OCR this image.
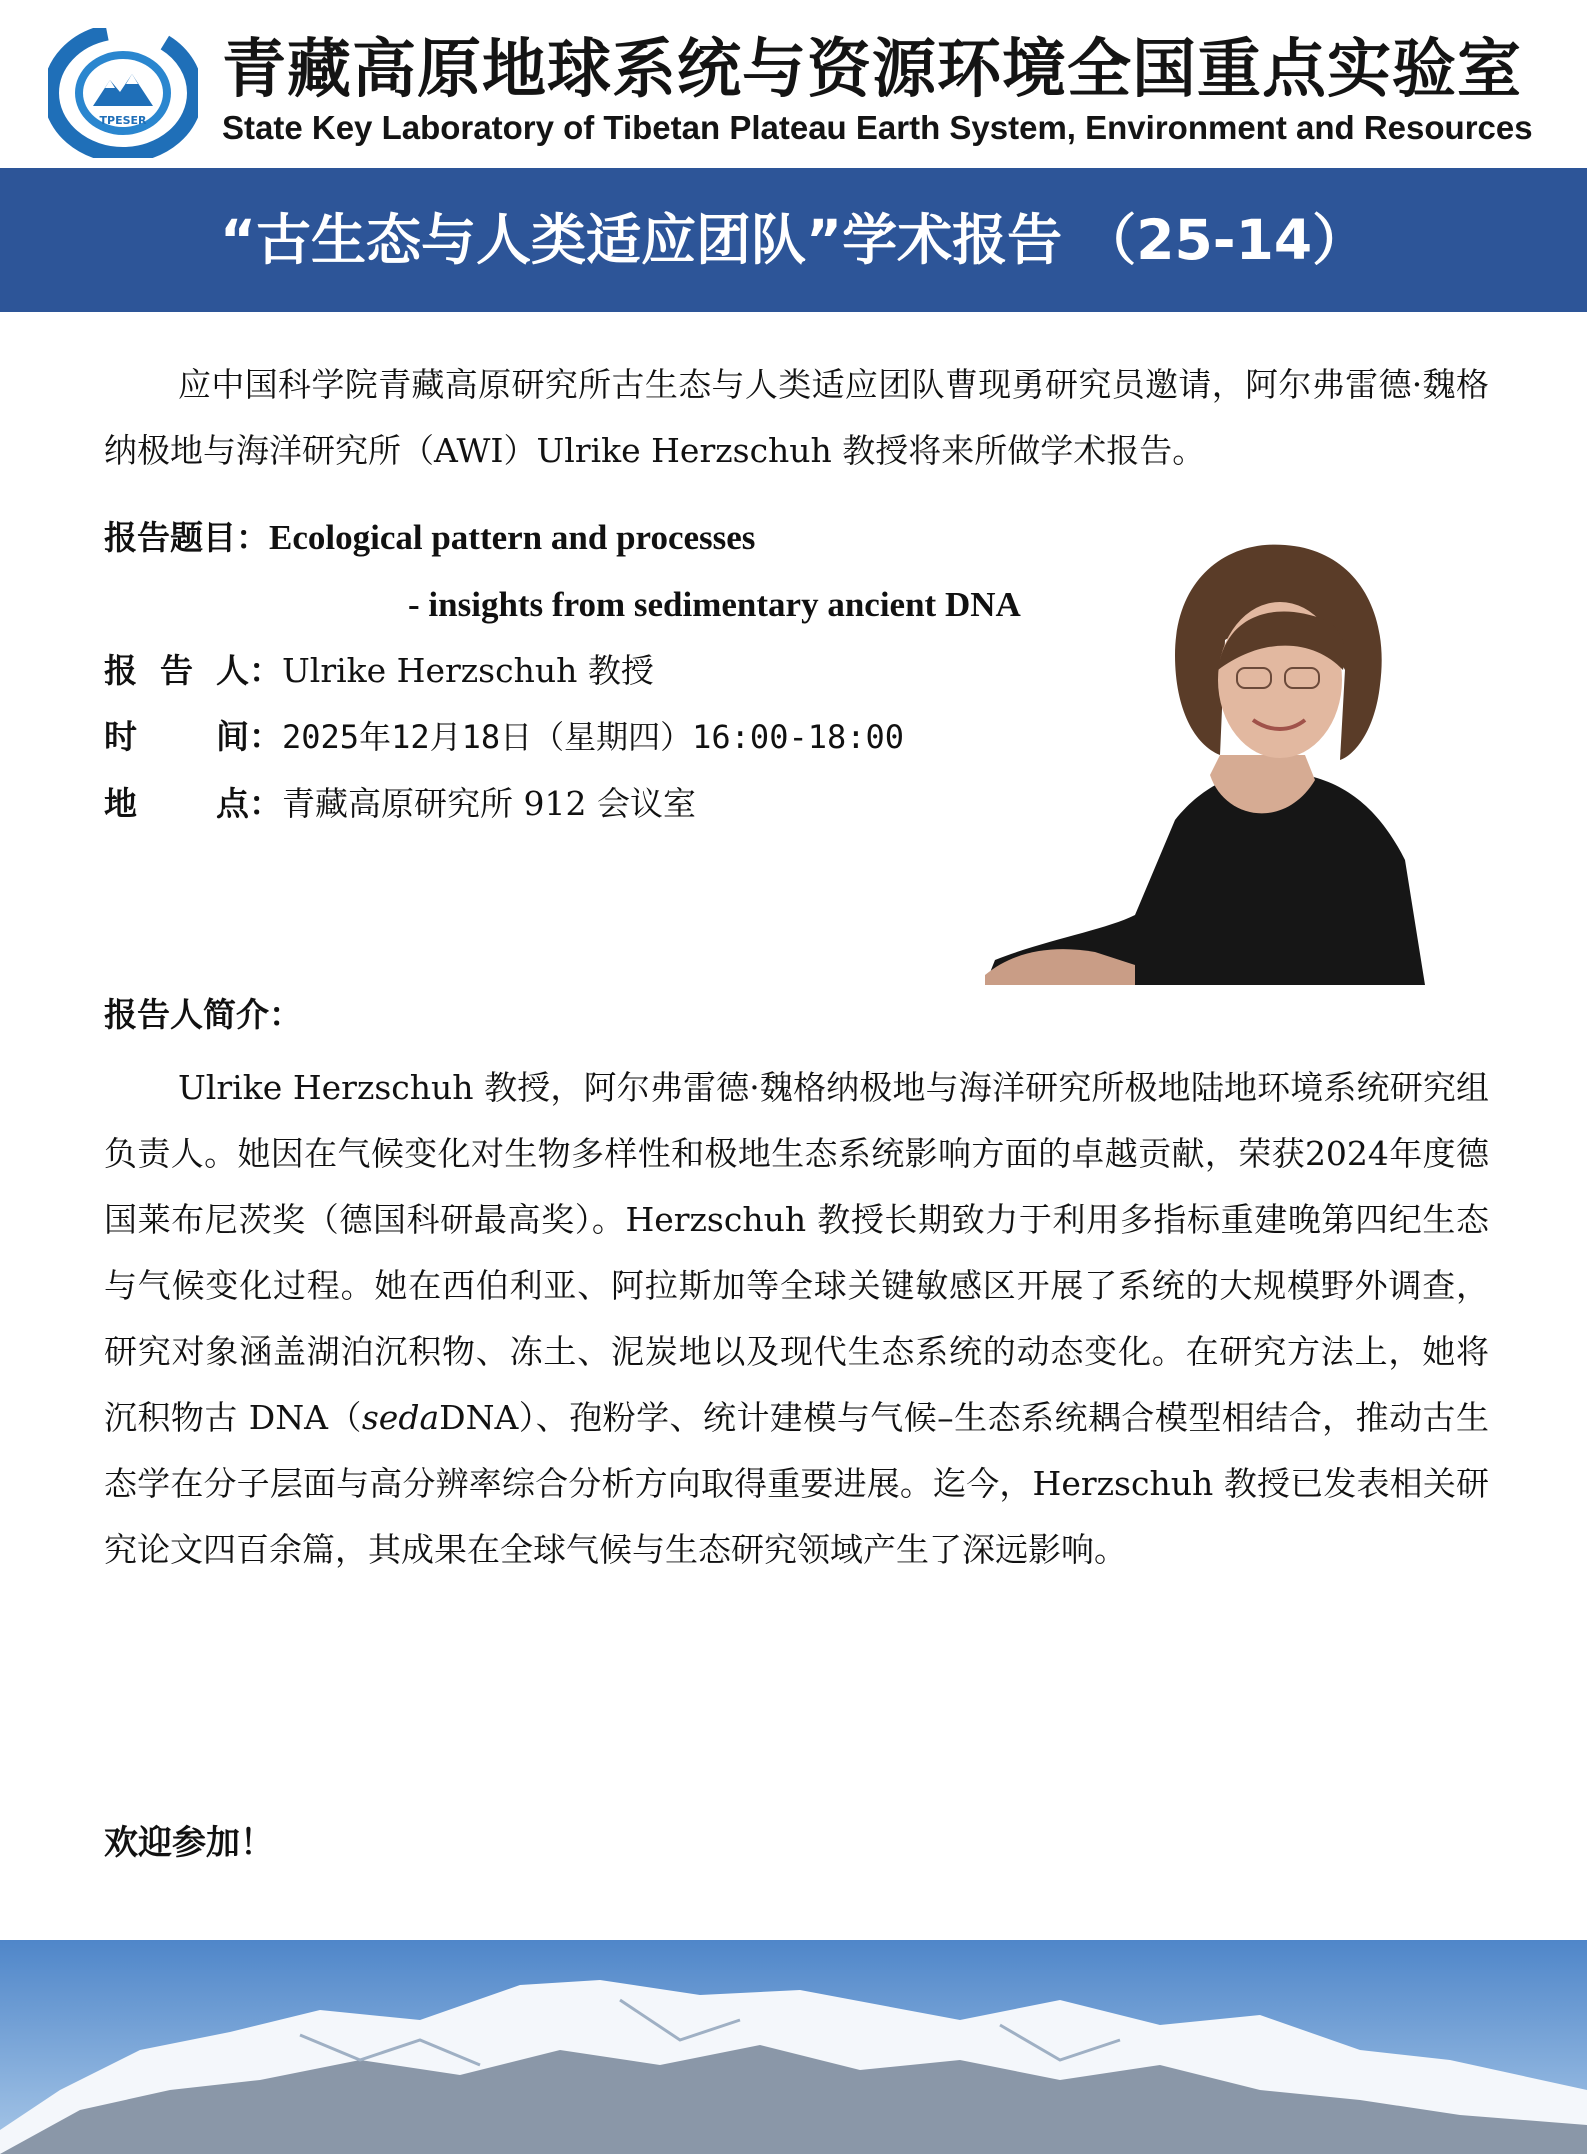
TPESER
青藏高原地球系统与资源环境全国重点实验室
State Key Laboratory of Tibetan Plateau Earth System, Environment and Resources
“古生态与人类适应团队”学术报告 （25-14）

应中国科学院青藏高原研究所古生态与人类适应团队曹现勇研究员邀请，阿尔弗雷德·魏格纳极地与海洋研究所（AWI）Ulrike Herzschuh 教授将来所做学术报告。

报告题目：Ecological pattern and processes
- insights from sedimentary ancient DNA
报  告  人：Ulrike Herzschuh 教授
时 间：2025年12月18日（星期四）16:00-18:00
地 点：青藏高原研究所 912 会议室
报告人简介：

Ulrike Herzschuh 教授，阿尔弗雷德·魏格纳极地与海洋研究所极地陆地环境系统研究组负责人。她因在气候变化对生物多样性和极地生态系统影响方面的卓越贡献，荣获2024年度德国莱布尼茨奖（德国科研最高奖）。Herzschuh 教授长期致力于利用多指标重建晚第四纪生态与气候变化过程。她在西伯利亚、阿拉斯加等全球关键敏感区开展了系统的大规模野外调查，研究对象涵盖湖泊沉积物、冻土、泥炭地以及现代生态系统的动态变化。在研究方法上，她将沉积物古 DNA（sedaDNA）、孢粉学、统计建模与气候–生态系统耦合模型相结合，推动古生态学在分子层面与高分辨率综合分析方向取得重要进展。迄今，Herzschuh 教授已发表相关研究论文四百余篇，其成果在全球气候与生态研究领域产生了深远影响。

欢迎参加！
